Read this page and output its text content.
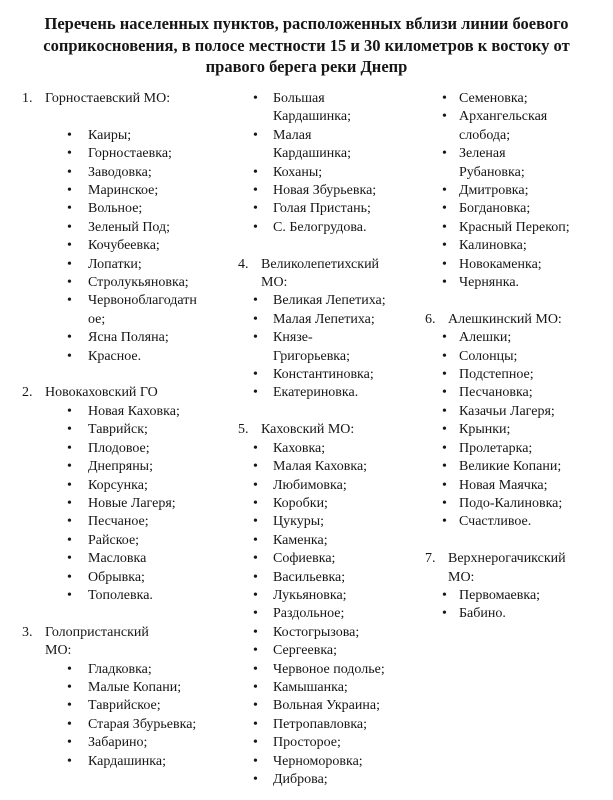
Перечень населенных пунктов, расположенных вблизи линии боевого соприкосновения, в полосе местности 15 и 30 километров к востоку от правого берега реки Днепр
1. Горностаевский МО:
•	Каиры;
•	Горностаевка;
•	Заводовка;
•	Маринское;
•	Вольное;
•	Зеленый Под;
•	Кочубеевка;
•	Лопатки;
•	Стролукьяновка;
•	Червоноблагодатное;
•	Ясна Поляна;
•	Красное.
2. Новокаховский ГО
•	Новая Каховка;
•	Таврийск;
•	Плодовое;
•	Днепряны;
•	Корсунка;
•	Новые Лагеря;
•	Песчаное;
•	Райское;
•	Масловка
•	Обрывка;
•	Тополевка.
3. Голопристанский МО:
•	Гладковка;
•	Малые Копани;
•	Таврийское;
•	Старая Збурьевка;
•	Забарино;
•	Кардашинка;
•	Большая Кардашинка;
•	Малая Кардашинка;
•	Коханы;
•	Новая Збурьевка;
•	Голая Пристань;
•	С. Белогрудова.
4. Великолепетихский МО:
•	Великая Лепетиха;
•	Малая Лепетиха;
•	Князе-Григорьевка;
•	Константиновка;
•	Екатериновка.
5. Каховский МО:
•	Каховка;
•	Малая Каховка;
•	Любимовка;
•	Коробки;
•	Цукуры;
•	Каменка;
•	Софиевка;
•	Васильевка;
•	Лукьяновка;
•	Раздольное;
•	Костогрызова;
•	Сергеевка;
•	Червоное подолье;
•	Камышанка;
•	Вольная Украина;
•	Петропавловка;
•	Просторое;
•	Черноморовка;
•	Диброва;
• Семеновка;
• Архангельская слобода;
• Зеленая Рубановка;
• Дмитровка;
• Богдановка;
• Красный Перекоп;
• Калиновка;
• Новокаменка;
• Чернянка.
6. Алешкинский МО:
• Алешки;
• Солонцы;
• Подстепное;
• Песчановка;
• Казачьи Лагеря;
• Крынки;
• Пролетарка;
• Великие Копани;
• Новая Маячка;
• Подо-Калиновка;
• Счастливое.
7. Верхнерогачикский МО:
• Первомаевка;
• Бабино.
